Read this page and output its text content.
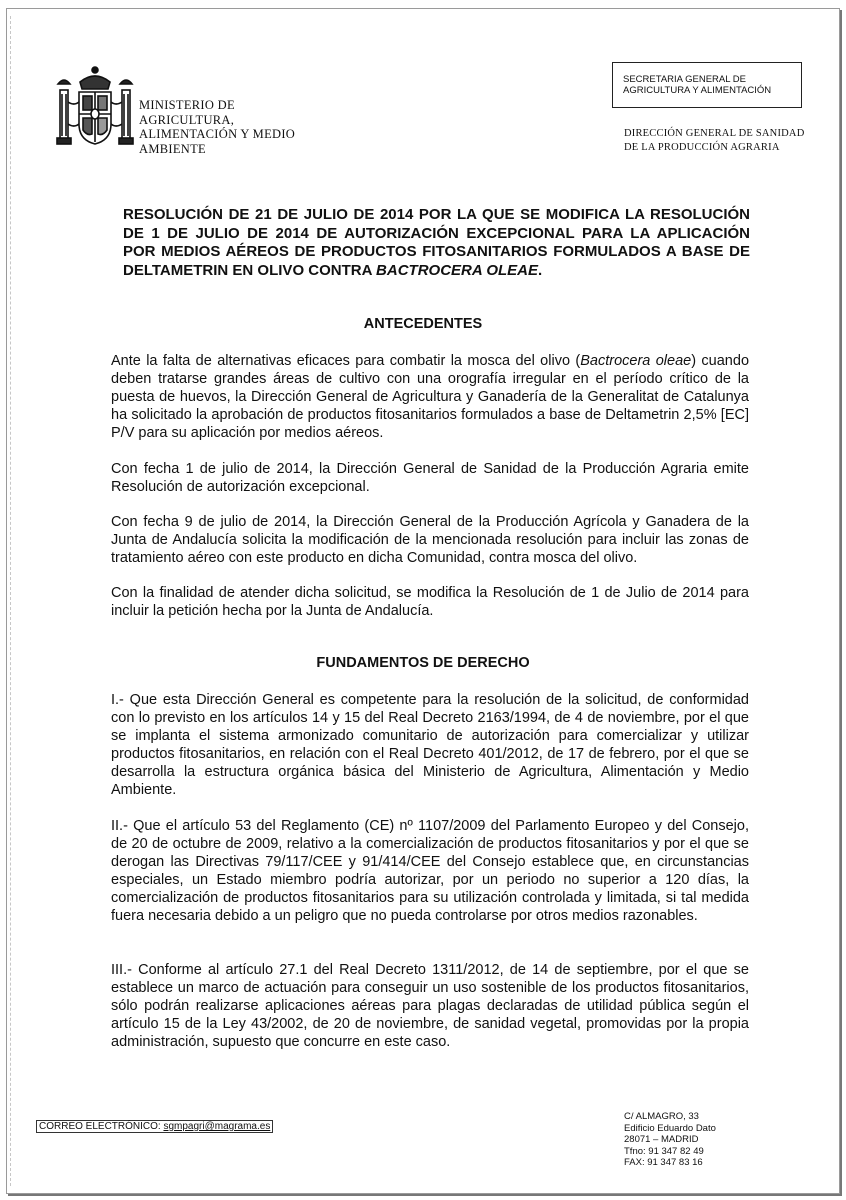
MINISTERIO DE
AGRICULTURA,
ALIMENTACIÓN Y MEDIO
AMBIENTE
SECRETARIA GENERAL DE
AGRICULTURA Y ALIMENTACIÓN
DIRECCIÓN GENERAL DE SANIDAD
DE LA PRODUCCIÓN AGRARIA
RESOLUCIÓN DE 21 DE JULIO DE 2014 POR LA QUE SE MODIFICA LA RESOLUCIÓN DE 1 DE JULIO DE 2014 DE AUTORIZACIÓN EXCEPCIONAL PARA LA APLICACIÓN POR MEDIOS AÉREOS DE PRODUCTOS FITOSANITARIOS FORMULADOS A BASE DE DELTAMETRIN EN OLIVO CONTRA BACTROCERA OLEAE.
ANTECEDENTES
Ante la falta de alternativas eficaces para combatir la mosca del olivo (Bactrocera oleae) cuando deben tratarse grandes áreas de cultivo con una orografía irregular en el período crítico de la puesta de huevos, la Dirección General de Agricultura y Ganadería de la Generalitat de Catalunya ha solicitado la aprobación de productos fitosanitarios formulados a base de Deltametrin 2,5% [EC] P/V para su aplicación por medios aéreos.
Con fecha 1 de julio de 2014, la Dirección General de Sanidad de la Producción Agraria emite Resolución de autorización excepcional.
Con fecha 9 de julio de 2014, la Dirección General de la Producción Agrícola y Ganadera de la Junta de Andalucía solicita la modificación de la mencionada resolución para incluir las zonas de tratamiento aéreo con este producto en dicha Comunidad, contra mosca del olivo.
Con la finalidad de atender dicha solicitud, se modifica la Resolución de 1 de Julio de 2014 para incluir la petición hecha por la Junta de Andalucía.
FUNDAMENTOS DE DERECHO
I.- Que esta Dirección General es competente para la resolución de la solicitud, de conformidad con lo previsto en los artículos 14 y 15 del Real Decreto 2163/1994, de 4 de noviembre, por el que se implanta el sistema armonizado comunitario de autorización para comercializar y utilizar productos fitosanitarios, en relación con el Real Decreto 401/2012, de 17 de febrero, por el que se desarrolla la estructura orgánica básica del Ministerio de Agricultura, Alimentación y Medio Ambiente.
II.- Que el artículo 53 del Reglamento (CE) nº 1107/2009 del Parlamento Europeo y del Consejo, de 20 de octubre de 2009, relativo a la comercialización de productos fitosanitarios y por el que se derogan las Directivas 79/117/CEE y 91/414/CEE del Consejo establece que, en circunstancias especiales, un Estado miembro podría autorizar, por un periodo no superior a 120 días, la comercialización de productos fitosanitarios para su utilización controlada y limitada, si tal medida fuera necesaria debido a un peligro que no pueda controlarse por otros medios razonables.
III.- Conforme al artículo 27.1 del Real Decreto 1311/2012, de 14 de septiembre, por el que se establece un marco de actuación para conseguir un uso sostenible de los productos fitosanitarios, sólo podrán realizarse aplicaciones aéreas para plagas declaradas de utilidad pública según el artículo 15 de la Ley 43/2002, de 20 de noviembre, de sanidad vegetal, promovidas por la propia administración, supuesto que concurre en este caso.
CORREO ELECTRÓNICO: sgmpagri@magrama.es
C/ ALMAGRO, 33
Edificio Eduardo Dato
28071 – MADRID
Tfno: 91 347 82 49
FAX: 91 347 83 16
